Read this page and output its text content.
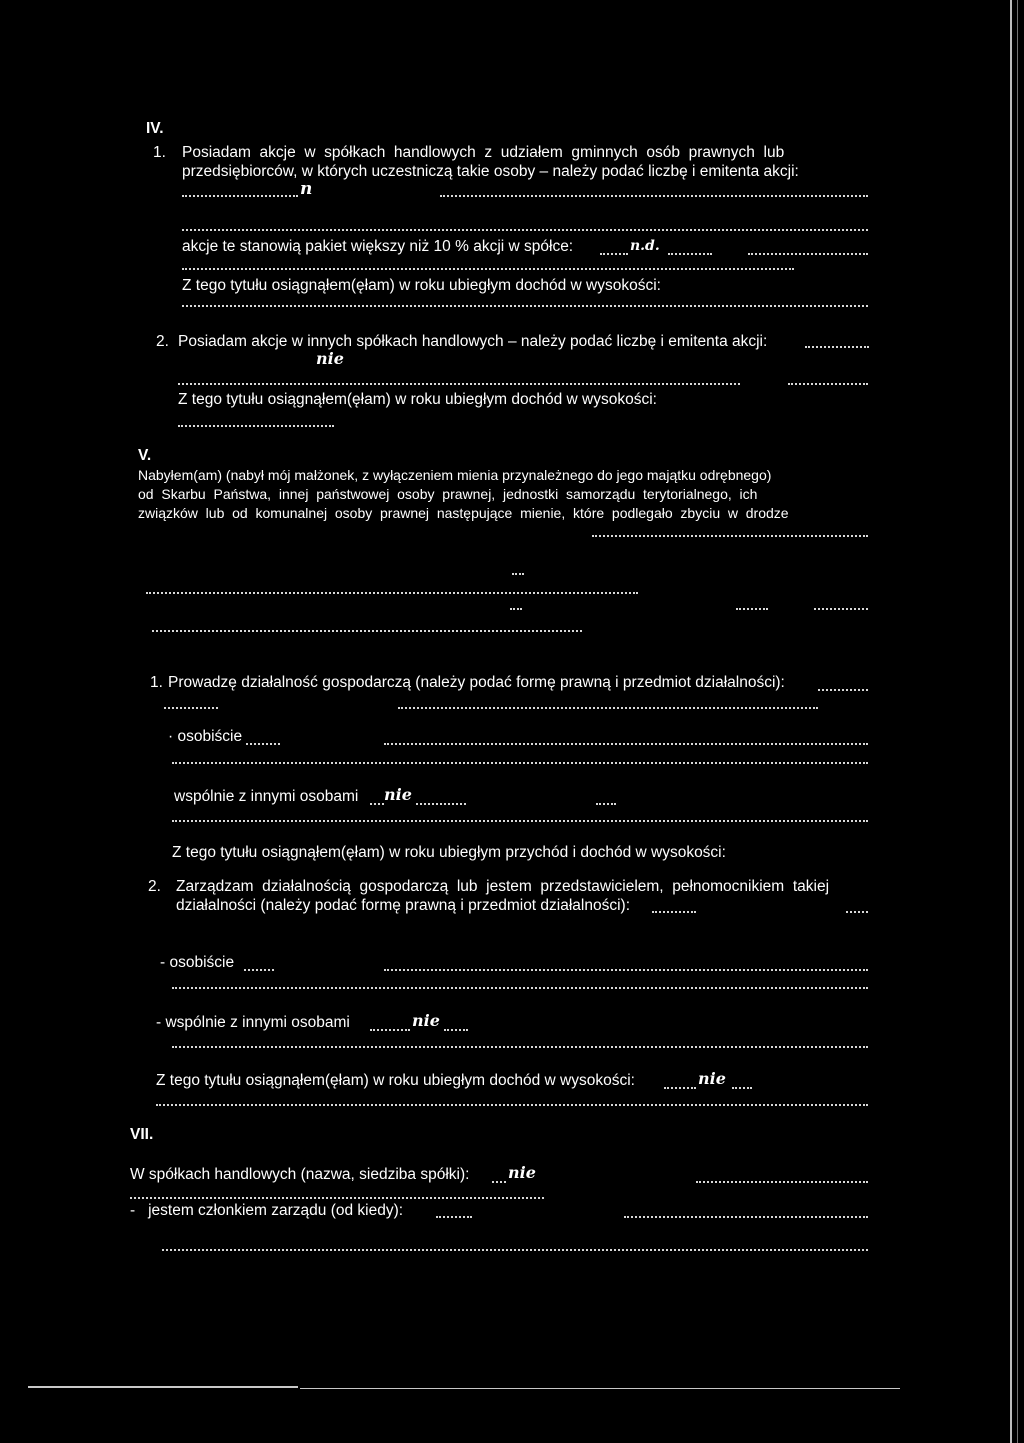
IV.
1. Posiadam  akcje  w  spółkach  handlowych  z  udziałem  gminnych  osób  prawnych  lub
przedsiębiorców, w których uczestniczą takie osoby – należy podać liczbę i emitenta akcji:
n
akcje te stanowią pakiet większy niż 10 % akcji w spółce:	n.d.
Z tego tytułu osiągnąłem(ęłam) w roku ubiegłym dochód w wysokości:
2. Posiadam akcje w innych spółkach handlowych – należy podać liczbę i emitenta akcji:
nie
Z tego tytułu osiągnąłem(ęłam) w roku ubiegłym dochód w wysokości:
V.
Nabyłem(am) (nabył mój małżonek, z wyłączeniem mienia przynależnego do jego majątku odrębnego)
od  Skarbu  Państwa,  innej  państwowej  osoby  prawnej,  jednostki  samorządu  terytorialnego,  ich
związków  lub  od  komunalnej  osoby  prawnej  następujące  mienie,  które  podlegało  zbyciu  w  drodze
1. Prowadzę działalność gospodarczą (należy podać formę prawną i przedmiot działalności):
· osobiście
wspólnie z innymi osobami nie
Z tego tytułu osiągnąłem(ęłam) w roku ubiegłym przychód i dochód w wysokości:
2. Zarządzam  działalnością  gospodarczą  lub  jestem  przedstawicielem,  pełnomocnikiem  takiej
działalności (należy podać formę prawną i przedmiot działalności):
- osobiście
- wspólnie z innymi osobami	nie
Z tego tytułu osiągnąłem(ęłam) w roku ubiegłym dochód w wysokości:	nie
VII.
W spółkach handlowych (nazwa, siedziba spółki): nie
-   jestem członkiem zarządu (od kiedy):
